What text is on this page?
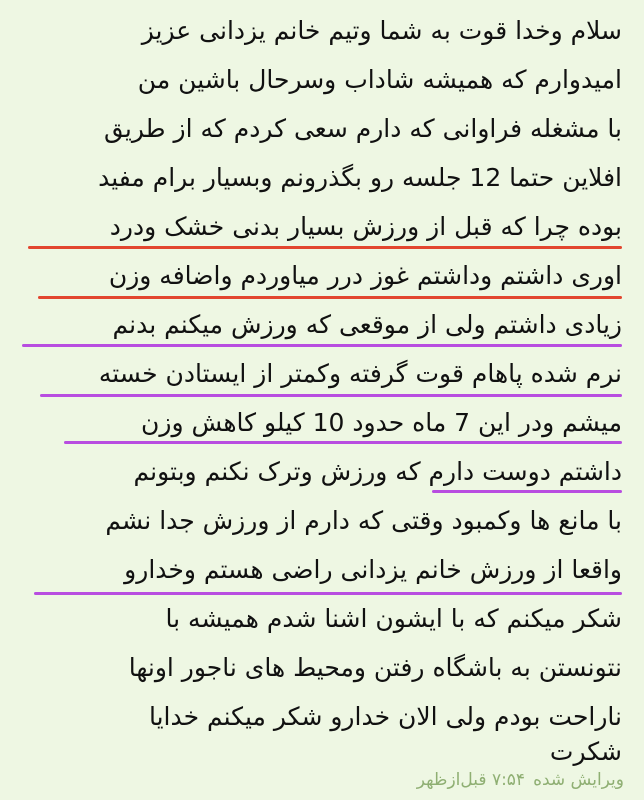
سلام وخدا قوت به شما وتیم خانم یزدانی عزیز
امیدوارم که همیشه شاداب وسرحال باشین من
با مشغله فراوانی که دارم سعی کردم که از طریق
افلاین حتما 12 جلسه رو بگذرونم وبسیار برام مفید
بوده چرا که قبل از ورزش بسیار بدنی خشک ودرد
اوری داشتم وداشتم غوز درر میاوردم واضافه وزن
زیادی داشتم ولی از موقعی که ورزش میکنم بدنم
نرم شده پاهام قوت گرفته وکمتر از ایستادن خسته
میشم ودر این 7 ماه حدود 10 کیلو کاهش وزن
داشتم دوست دارم که ورزش وترک نکنم وبتونم
با مانع ها وکمبود وقتی که دارم از ورزش جدا نشم
واقعا از ورزش خانم یزدانی راضی هستم وخدارو
شکر میکنم که با ایشون اشنا شدم همیشه با
نتونستن به باشگاه رفتن ومحیط های ناجور اونها
ناراحت بودم ولی الان خدارو شکر میکنم خدایا
شکرت
ویرایش شده
۷:۵۴ قبل‌ازظهر
